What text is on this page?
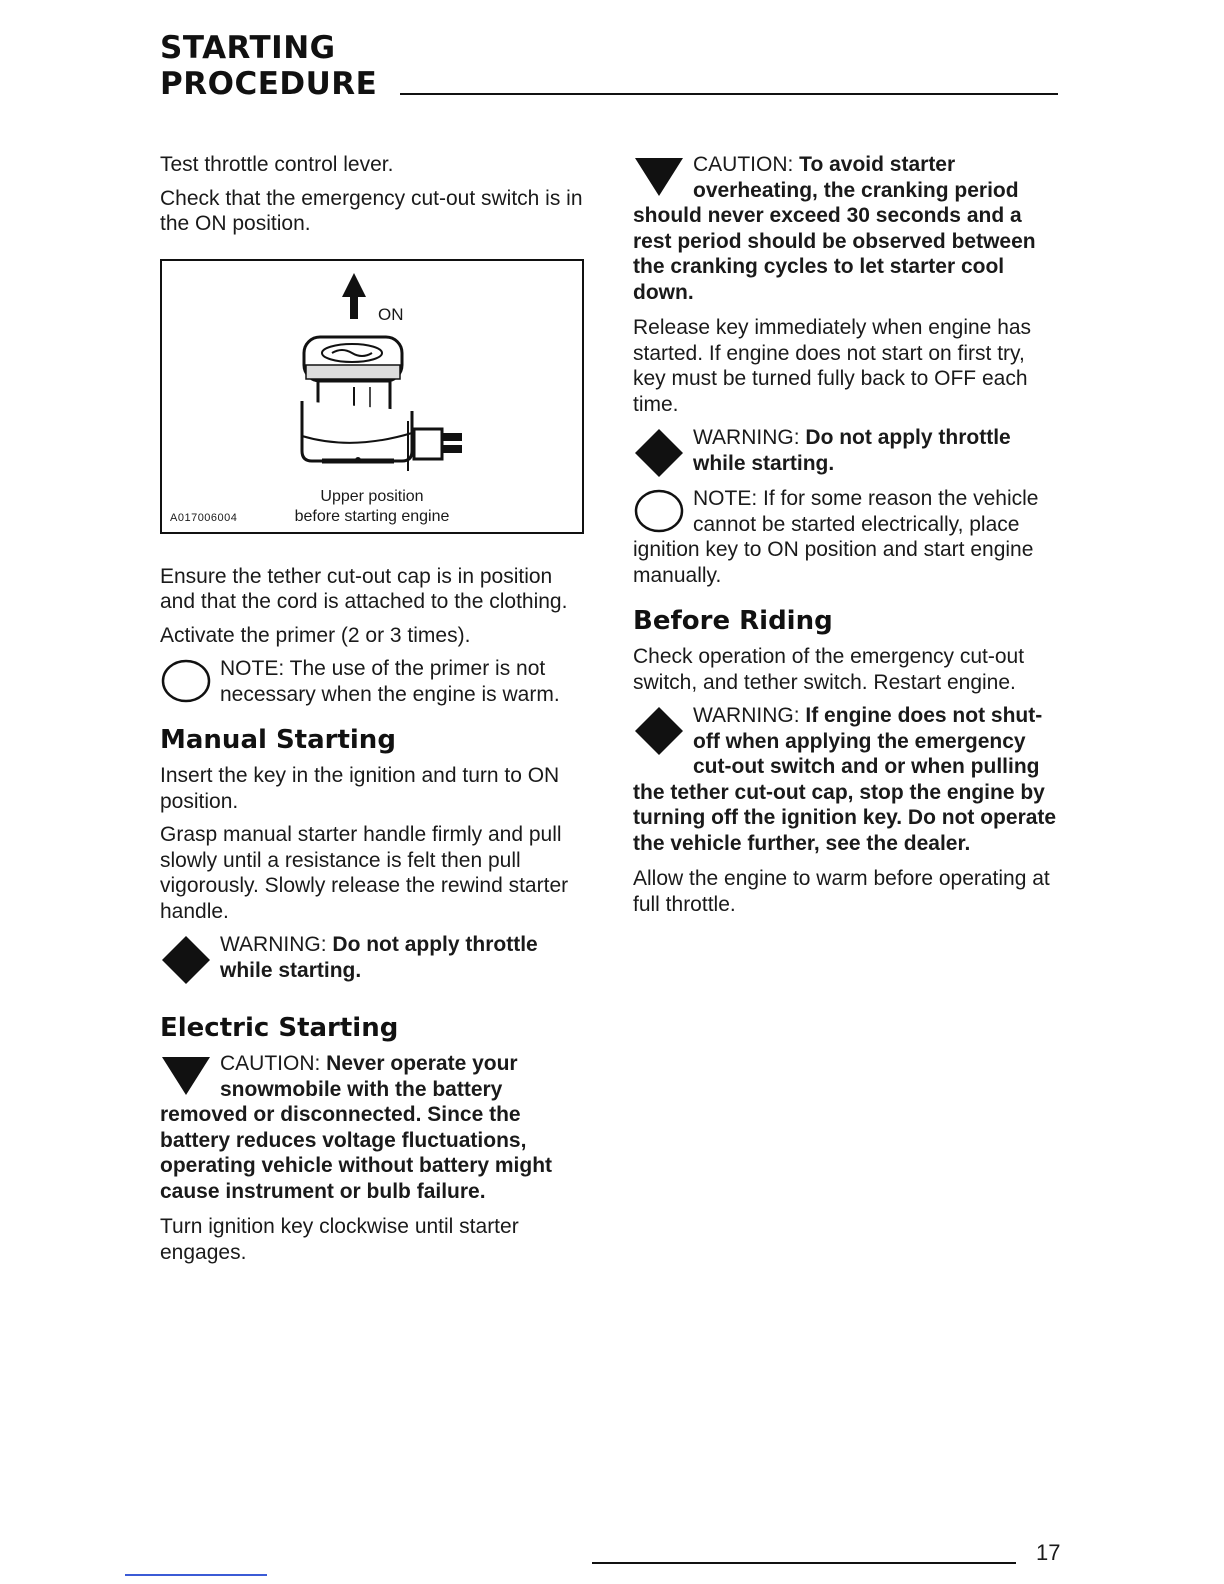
STARTING
PROCEDURE

Test throttle control lever.

Check that the emergency cut-out switch is in the ON position.

ON
Upper position
before starting engine
A017006004

Ensure the tether cut-out cap is in position and that the cord is attached to the clothing.

Activate the primer (2 or 3 times).

NOTE: The use of the primer is not necessary when the engine is warm.
Manual Starting

Insert the key in the ignition and turn to ON position.

Grasp manual starter handle firmly and pull slowly until a resistance is felt then pull vigorously. Slowly release the rewind starter handle.

WARNING: Do not apply throttle while starting.
Electric Starting
CAUTION: Never operate your snowmobile with the battery removed or disconnected. Since the battery reduces voltage fluctuations, operating vehicle without battery might cause instrument or bulb failure.

Turn ignition key clockwise until starter engages.

CAUTION: To avoid starter overheating, the cranking period should never exceed 30 seconds and a rest period should be observed between the cranking cycles to let starter cool down.

Release key immediately when engine has started. If engine does not start on first try, key must be turned fully back to OFF each time.

WARNING: Do not apply throttle while starting.
NOTE: If for some reason the vehicle cannot be started electrically, place ignition key to ON position and start engine manually.
Before Riding

Check operation of the emergency cut-out switch, and tether switch. Restart engine.

WARNING: If engine does not shut-off when applying the emergency cut-out switch and or when pulling the tether cut-out cap, stop the engine by turning off the ignition key. Do not operate the vehicle further, see the dealer.

Allow the engine to warm before operating at full throttle.

17
